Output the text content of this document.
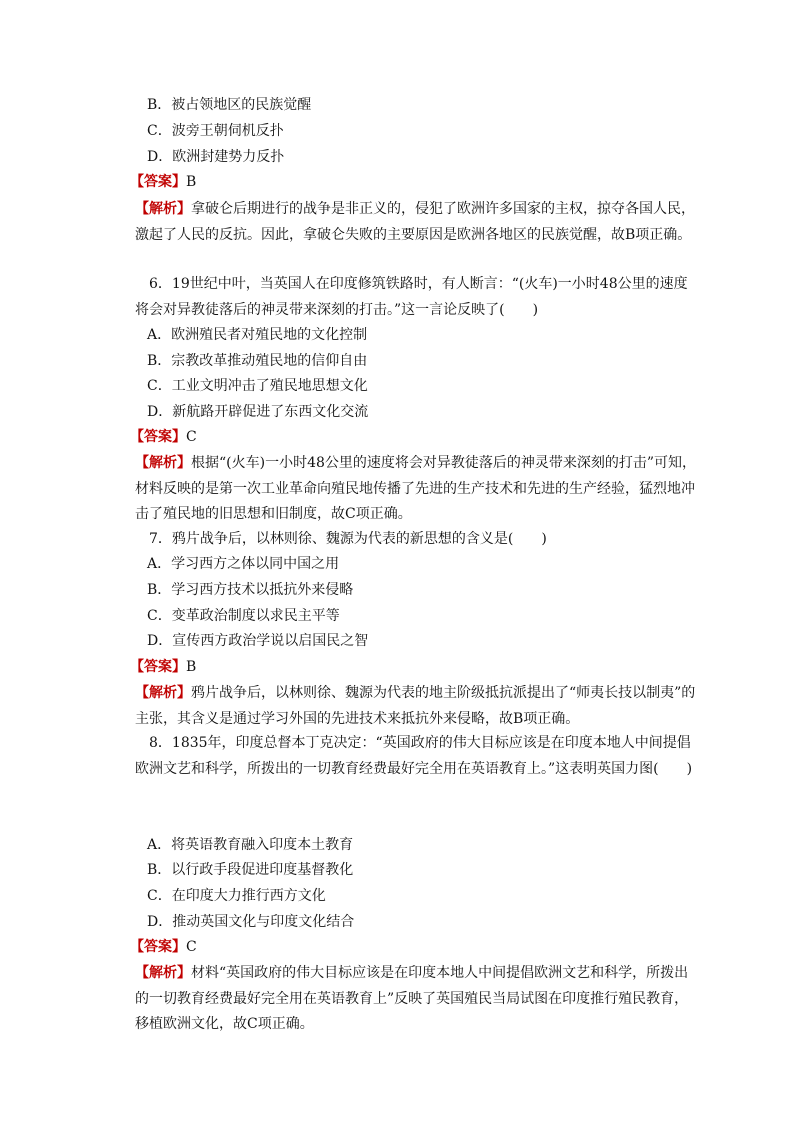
B．被占领地区的民族觉醒
C．波旁王朝伺机反扑
D．欧洲封建势力反扑
【答案】B
【解析】拿破仑后期进行的战争是非正义的，侵犯了欧洲许多国家的主权，掠夺各国人民，激起了人民的反抗。因此，拿破仑失败的主要原因是欧洲各地区的民族觉醒，故B项正确。
6．19世纪中叶，当英国人在印度修筑铁路时，有人断言：“(火车)一小时48公里的速度将会对异教徒落后的神灵带来深刻的打击。”这一言论反映了(　　)
A．欧洲殖民者对殖民地的文化控制
B．宗教改革推动殖民地的信仰自由
C．工业文明冲击了殖民地思想文化
D．新航路开辟促进了东西文化交流
【答案】C
【解析】根据“(火车)一小时48公里的速度将会对异教徒落后的神灵带来深刻的打击”可知，材料反映的是第一次工业革命向殖民地传播了先进的生产技术和先进的生产经验，猛烈地冲击了殖民地的旧思想和旧制度，故C项正确。
7．鸦片战争后，以林则徐、魏源为代表的新思想的含义是(　　)
A．学习西方之体以同中国之用
B．学习西方技术以抵抗外来侵略
C．变革政治制度以求民主平等
D．宣传西方政治学说以启国民之智
【答案】B
【解析】鸦片战争后，以林则徐、魏源为代表的地主阶级抵抗派提出了“师夷长技以制夷”的主张，其含义是通过学习外国的先进技术来抵抗外来侵略，故B项正确。
8．1835年，印度总督本丁克决定：“英国政府的伟大目标应该是在印度本地人中间提倡欧洲文艺和科学，所拨出的一切教育经费最好完全用在英语教育上。”这表明英国力图(　　)
A．将英语教育融入印度本土教育
B．以行政手段促进印度基督教化
C．在印度大力推行西方文化
D．推动英国文化与印度文化结合
【答案】C
【解析】材料“英国政府的伟大目标应该是在印度本地人中间提倡欧洲文艺和科学，所拨出的一切教育经费最好完全用在英语教育上”反映了英国殖民当局试图在印度推行殖民教育，移植欧洲文化，故C项正确。
